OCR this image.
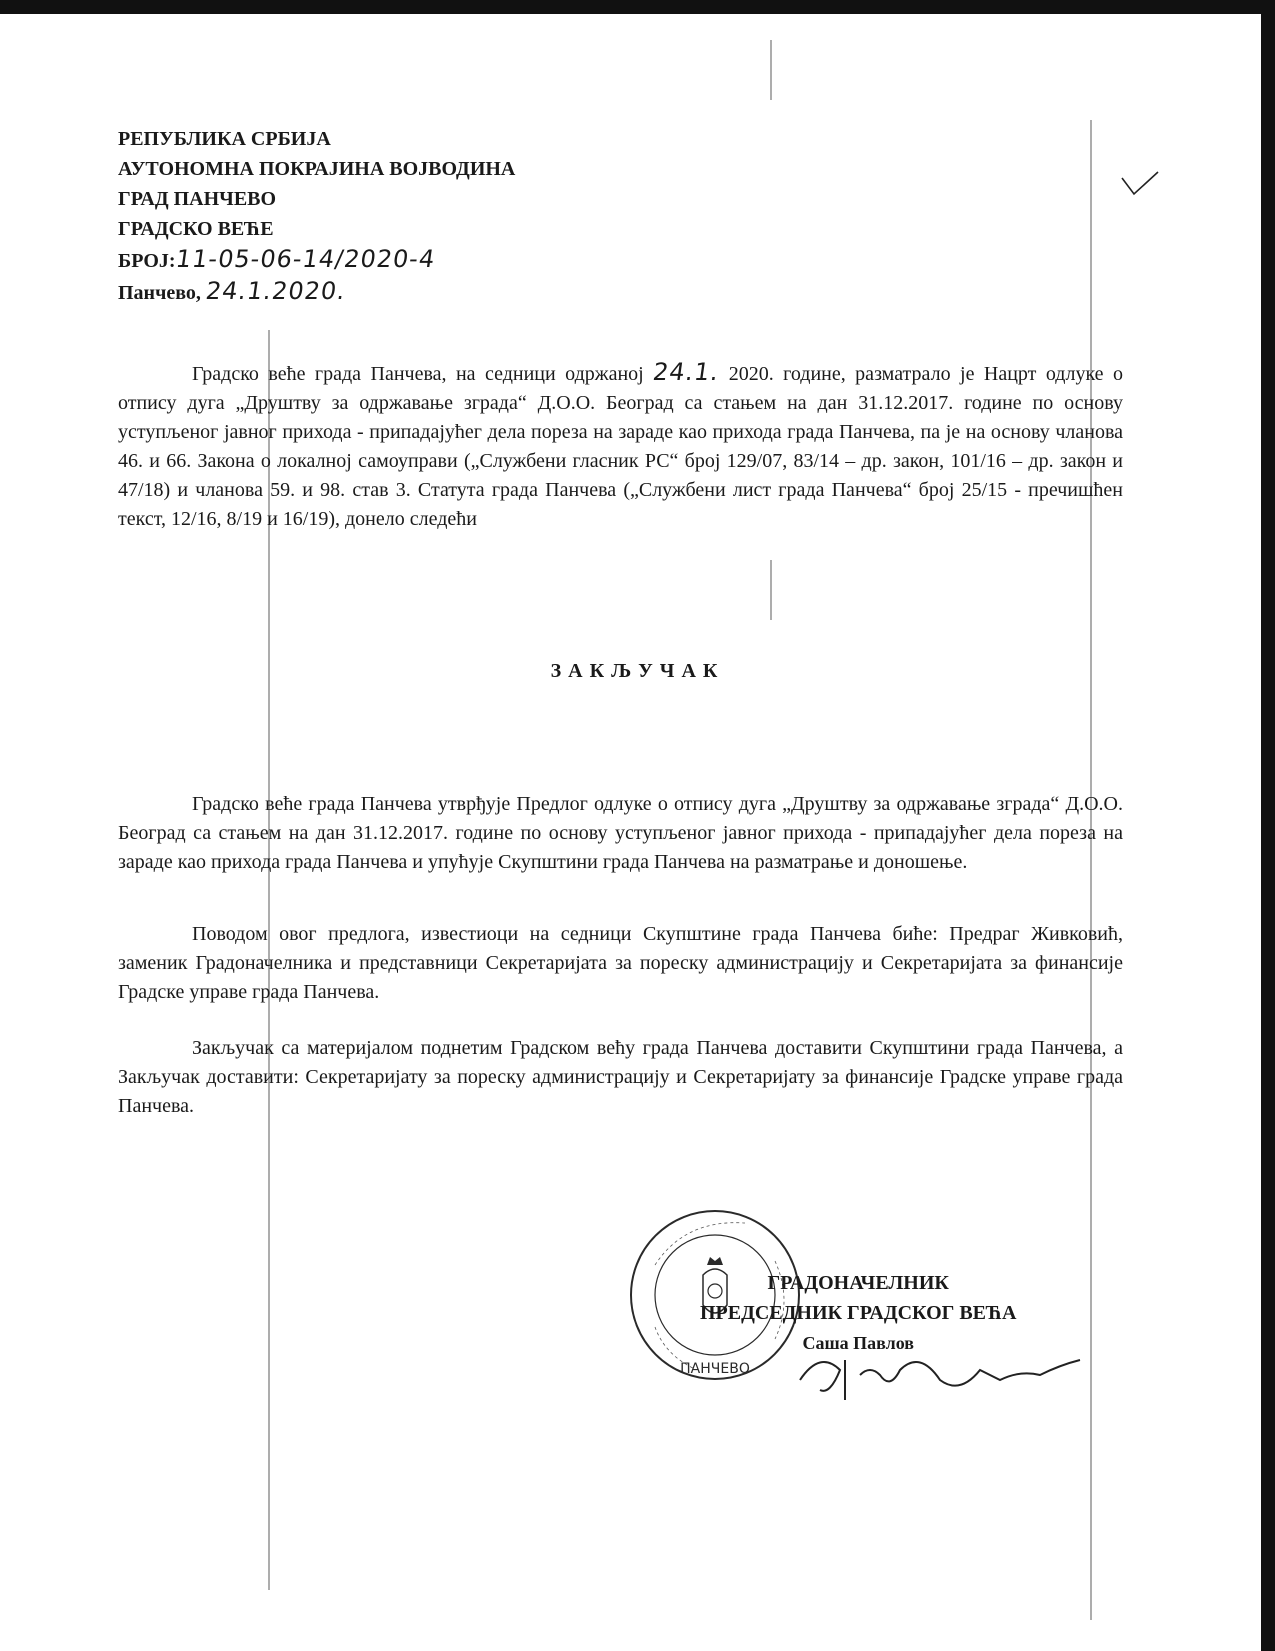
РЕПУБЛИКА СРБИЈА
АУТОНОМНА ПОКРАЈИНА ВОЈВОДИНА
ГРАД ПАНЧЕВО
ГРАДСКО ВЕЋЕ
БРОЈ:11-05-06-14/2020-4
Панчево, 24.1.2020.
Градско веће града Панчева, на седници одржаној 24.1. 2020. године, разматрало је Нацрт одлуке о отпису дуга „Друштву за одржавање зграда“ Д.О.О. Београд са стањем на дан 31.12.2017. године по основу уступљеног јавног прихода - припадајућег дела пореза на зараде као прихода града Панчева, па је на основу чланова 46. и 66. Закона о локалној самоуправи („Службени гласник РС“ број 129/07, 83/14 – др. закон, 101/16 – др. закон и 47/18) и чланова 59. и 98. став 3. Статута града Панчева („Службени лист града Панчева“ број 25/15 - пречишћен текст, 12/16, 8/19 и 16/19), донело следећи
ЗАКЉУЧАК
Градско веће града Панчева утврђује Предлог одлуке о отпису дуга „Друштву за одржавање зграда“ Д.О.О. Београд са стањем на дан 31.12.2017. године по основу уступљеног јавног прихода - припадајућег дела пореза на зараде као прихода града Панчева и упућује Скупштини града Панчева на разматрање и доношење.
Поводом овог предлога, известиоци на седници Скупштине града Панчева биће: Предраг Живковић, заменик Градоначелника и представници Секретаријата за пореску администрацију и Секретаријата за финансије Градске управе града Панчева.
Закључак са материјалом поднетим Градском већу града Панчева доставити Скупштини града Панчева, а Закључак доставити: Секретаријату за пореску администрацију и Секретаријату за финансије Градске управе града Панчева.
ПАНЧЕВО
ГРАДОНАЧЕЛНИК
ПРЕДСЕДНИК ГРАДСКОГ ВЕЋА
Саша Павлов
